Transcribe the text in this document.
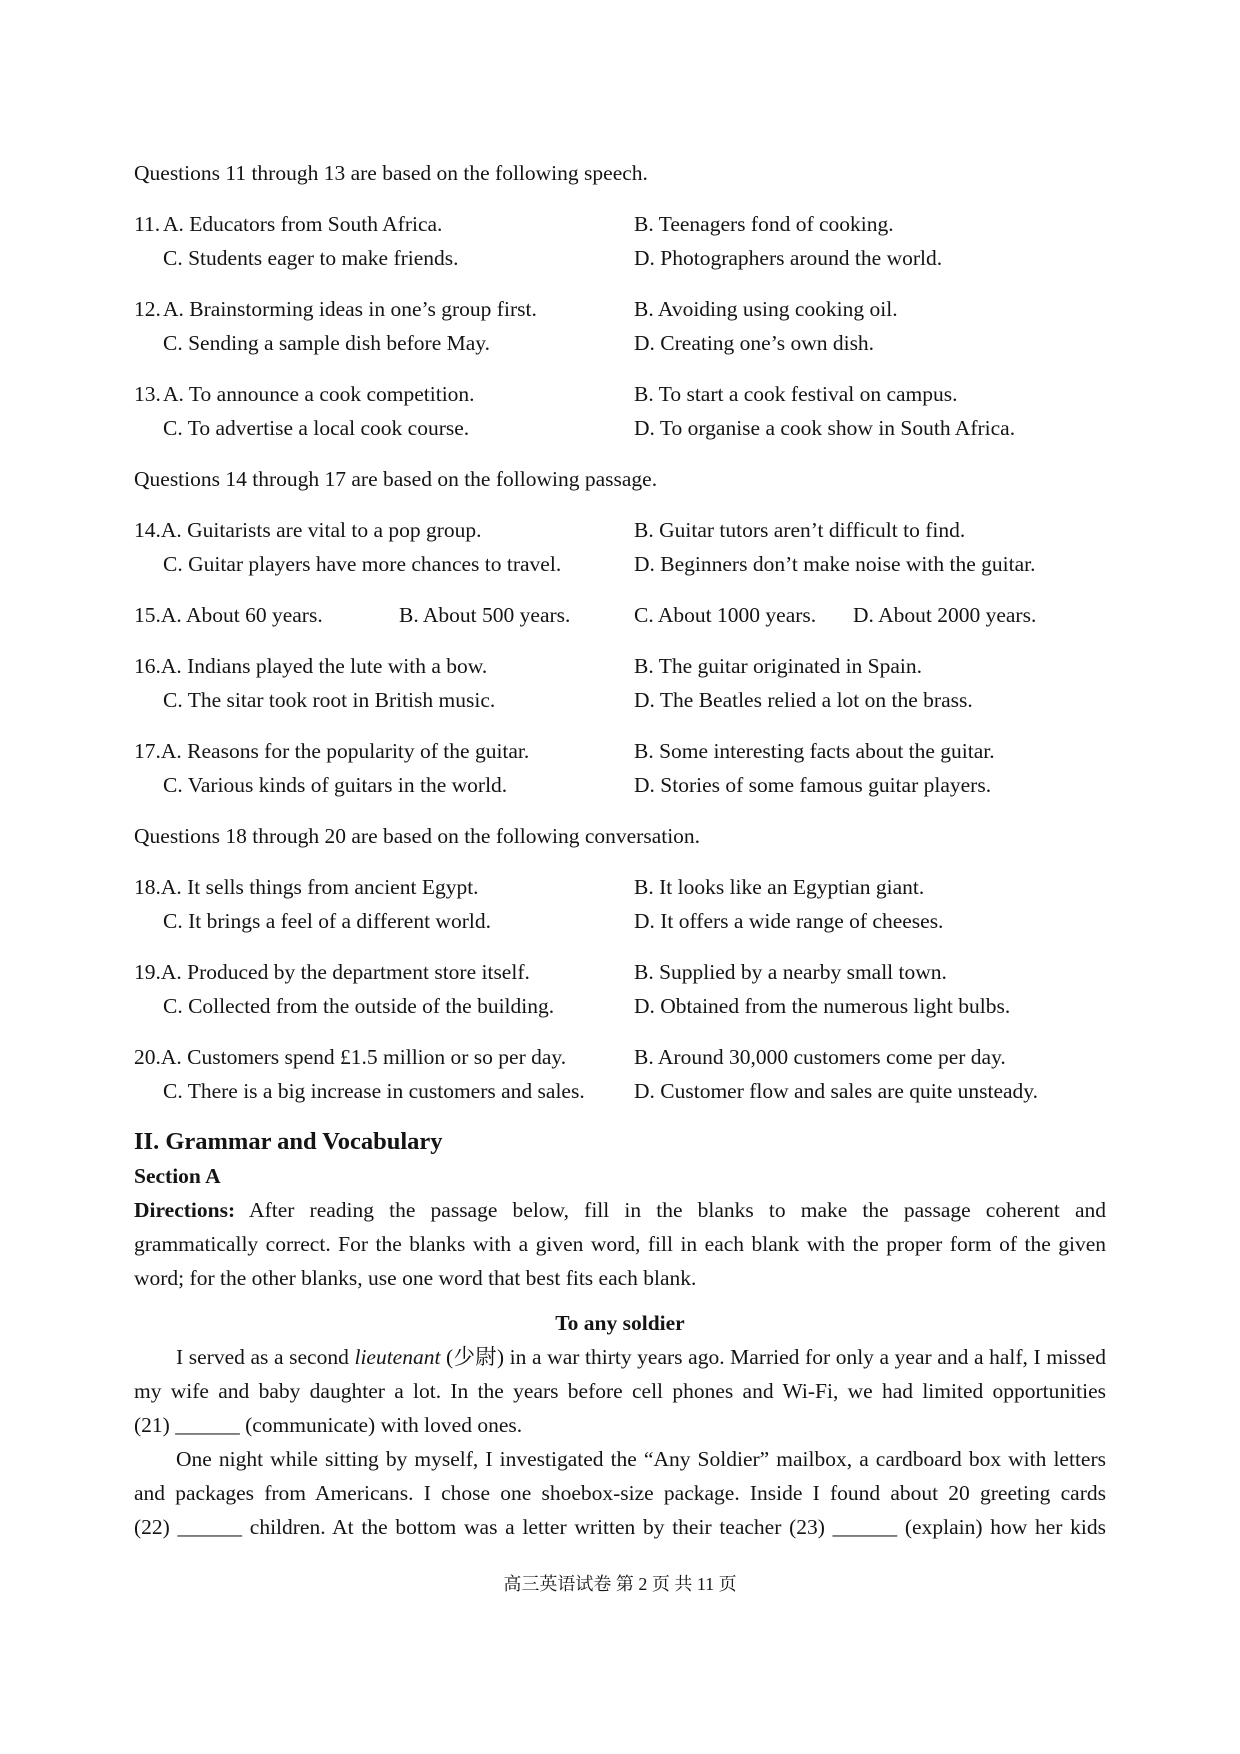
Questions 11 through 13 are based on the following speech.
11. A. Educators from South Africa.	B. Teenagers fond of cooking.
C. Students eager to make friends.	D. Photographers around the world.
12.A. Brainstorming ideas in one’s group first.	B. Avoiding using cooking oil.
C. Sending a sample dish before May.	D. Creating one’s own dish.
13.A. To announce a cook competition.	B. To start a cook festival on campus.
C. To advertise a local cook course.	D. To organise a cook show in South Africa.
Questions 14 through 17 are based on the following passage.
14.A. Guitarists are vital to a pop group.	B. Guitar tutors aren’t difficult to find.
C. Guitar players have more chances to travel.	D. Beginners don’t make noise with the guitar.
15.A. About 60 years.	B. About 500 years.	C. About 1000 years. D. About 2000 years.
16.A. Indians played the lute with a bow.	B. The guitar originated in Spain.
C. The sitar took root in British music.	D. The Beatles relied a lot on the brass.
17.A. Reasons for the popularity of the guitar.	B. Some interesting facts about the guitar.
C. Various kinds of guitars in the world.	D. Stories of some famous guitar players.
Questions 18 through 20 are based on the following conversation.
18.A. It sells things from ancient Egypt.	B. It looks like an Egyptian giant.
C. It brings a feel of a different world.	D. It offers a wide range of cheeses.
19.A. Produced by the department store itself.	B. Supplied by a nearby small town.
C. Collected from the outside of the building.	D. Obtained from the numerous light bulbs.
20.A. Customers spend £1.5 million or so per day.	B. Around 30,000 customers come per day.
C. There is a big increase in customers and sales.	D. Customer flow and sales are quite unsteady.
II. Grammar and Vocabulary
Section A
Directions: After reading the passage below, fill in the blanks to make the passage coherent and
grammatically correct. For the blanks with a given word, fill in each blank with the proper form of the given
word; for the other blanks, use one word that best fits each blank.
To any soldier
I served as a second lieutenant (少尉) in a war thirty years ago. Married for only a year and a half, I missed
my wife and baby daughter a lot. In the years before cell phones and Wi-Fi, we had limited opportunities
(21) ______ (communicate) with loved ones.
One night while sitting by myself, I investigated the “Any Soldier” mailbox, a cardboard box with letters
and packages from Americans. I chose one shoebox-size package. Inside I found about 20 greeting cards
(22) ______ children. At the bottom was a letter written by their teacher (23) ______ (explain) how her kids
高三英语试卷 第 2 页 共 11 页
